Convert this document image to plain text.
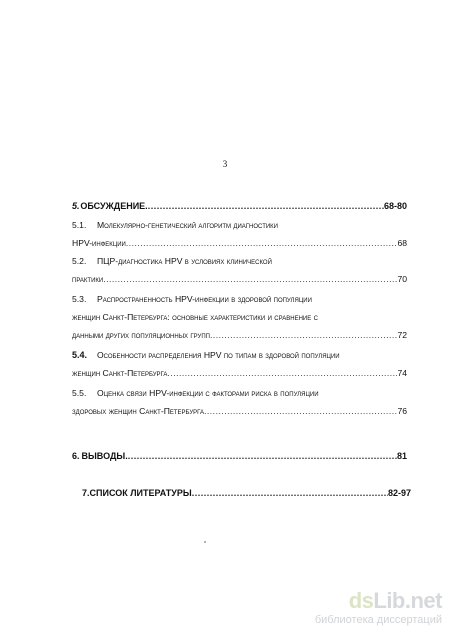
3
5. ОБСУЖДЕНИЕ. .....	68-80
5.1.	Молекулярно-генетический алгоритм диагностики
HPV-инфекции .....	68
5.2.	ПЦР-диагностика HPV в условиях клинической
практики .....	70
5.3.	Распространенность HPV-инфекции в здоровой популяции
женщин Санкт-Петербурга: основные характеристики и сравнение с
данными других популяционных групп .....	72
5.4.	Особенности распределения HPV по типам в здоровой популяции
женщин Санкт-Петербурга .....	74
5.5.	Оценка связи HPV-инфекции с факторами риска в популяции
здоровых женщин Санкт-Петербурга .....	76
6. ВЫВОДЫ. .....	81
7. СПИСОК ЛИТЕРАТУРЫ .....	82-97
dsLib.net
библиотека диссертаций
